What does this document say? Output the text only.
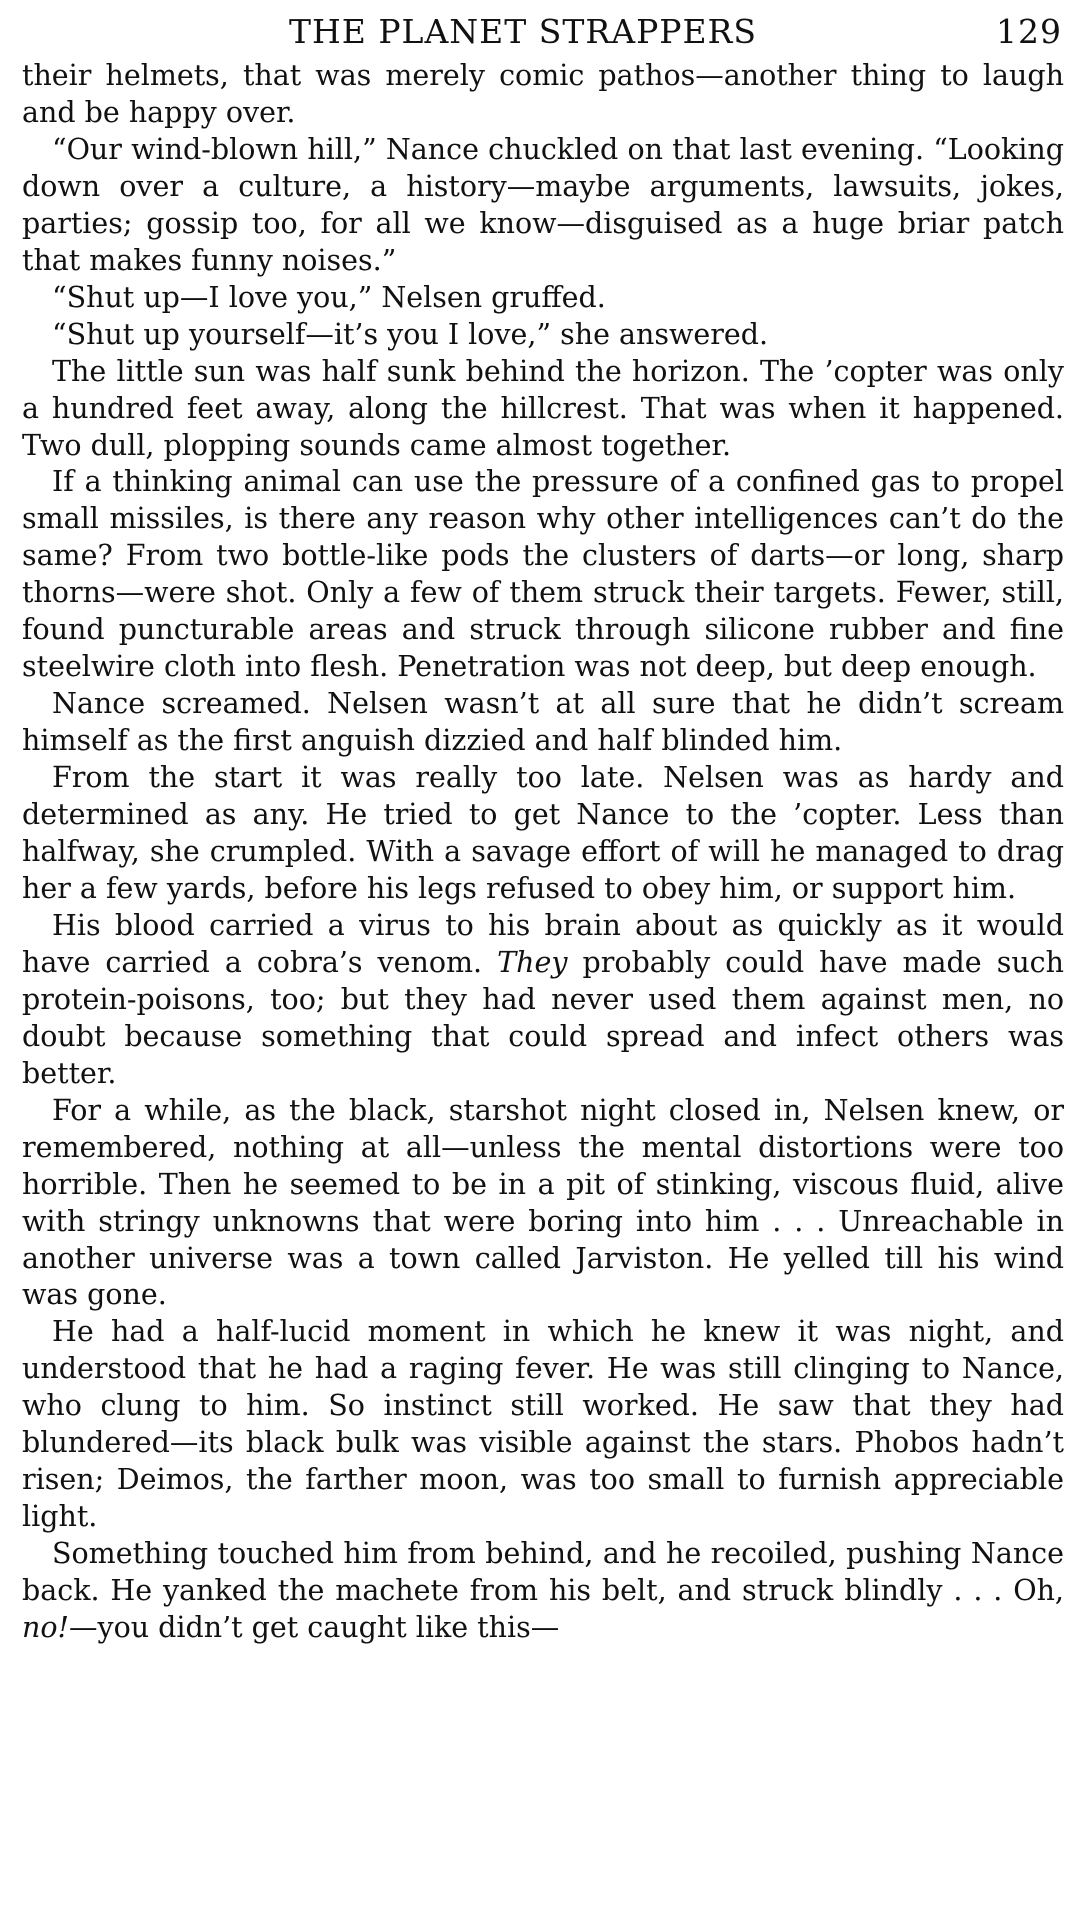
THE PLANET STRAPPERS	129

their helmets, that was merely comic pathos—another thing to laugh and be happy over.

“Our wind-blown hill,” Nance chuckled on that last evening. “Looking down over a culture, a history—maybe arguments, lawsuits, jokes, parties; gossip too, for all we know—disguised as a huge briar patch that makes funny noises.”

“Shut up—I love you,” Nelsen gruffed.

“Shut up yourself—it’s you I love,” she answered.

The little sun was half sunk behind the horizon. The ’copter was only a hundred feet away, along the hillcrest. That was when it happened. Two dull, plopping sounds came almost together.

If a thinking animal can use the pressure of a confined gas to propel small missiles, is there any reason why other intelligences can’t do the same? From two bottle-like pods the clusters of darts—or long, sharp thorns—were shot. Only a few of them struck their targets. Fewer, still, found puncturable areas and struck through silicone rubber and fine steelwire cloth into flesh. Penetration was not deep, but deep enough.

Nance screamed. Nelsen wasn’t at all sure that he didn’t scream himself as the first anguish dizzied and half blinded him.

From the start it was really too late. Nelsen was as hardy and determined as any. He tried to get Nance to the ’copter. Less than halfway, she crumpled. With a savage effort of will he managed to drag her a few yards, before his legs refused to obey him, or support him.

His blood carried a virus to his brain about as quickly as it would have carried a cobra’s venom. They probably could have made such protein-poisons, too; but they had never used them against men, no doubt because something that could spread and infect others was better.

For a while, as the black, starshot night closed in, Nelsen knew, or remembered, nothing at all—unless the mental distortions were too horrible. Then he seemed to be in a pit of stinking, viscous fluid, alive with stringy unknowns that were boring into him . . . Unreachable in another universe was a town called Jarviston. He yelled till his wind was gone.

He had a half-lucid moment in which he knew it was night, and understood that he had a raging fever. He was still clinging to Nance, who clung to him. So instinct still worked. He saw that they had blundered—its black bulk was visible against the stars. Phobos hadn’t risen; Deimos, the farther moon, was too small to furnish appreciable light.

Something touched him from behind, and he recoiled, pushing Nance back. He yanked the machete from his belt, and struck blindly . . . Oh, no!—you didn’t get caught like this—
